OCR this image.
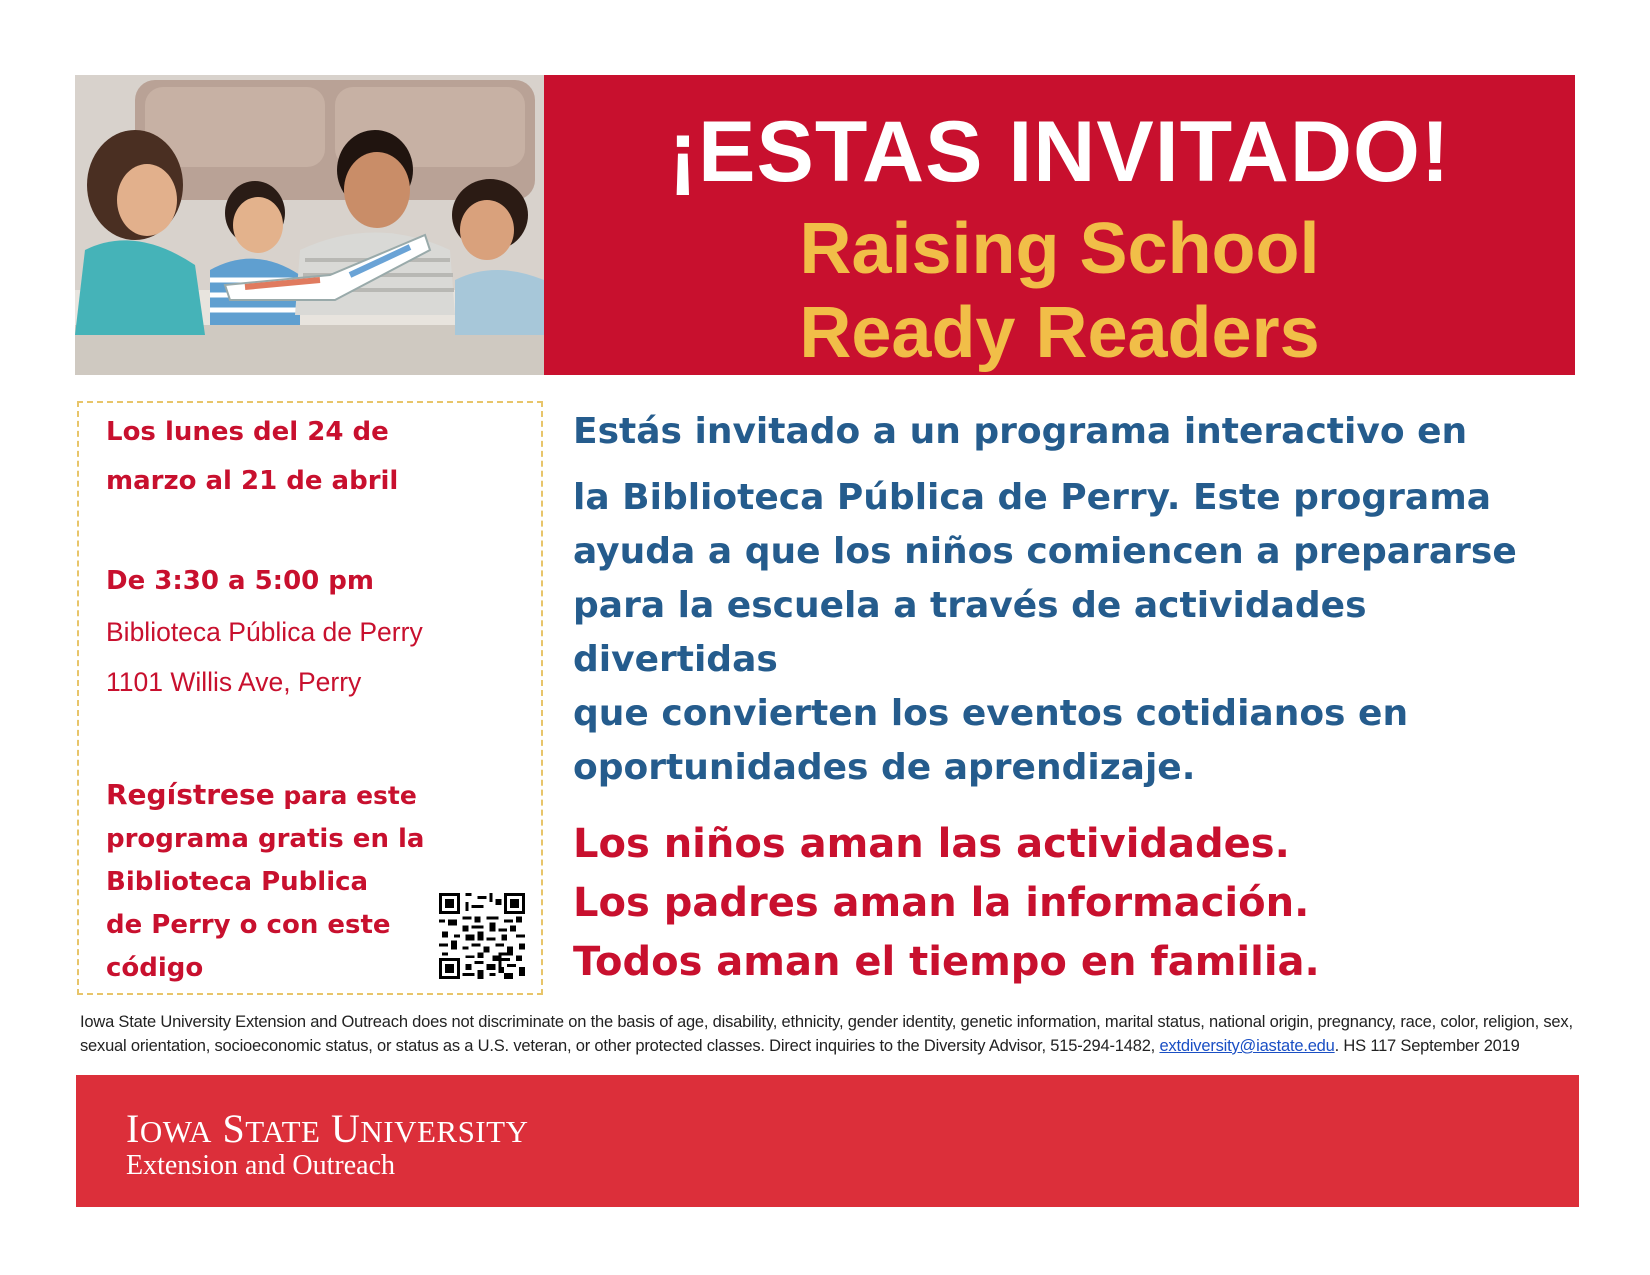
¡ESTAS INVITADO!
Raising School
Ready Readers
Los lunes del 24 de
marzo al 21 de abril
De 3:30 a 5:00 pm
Biblioteca Pública de Perry
1101 Willis Ave, Perry
Regístrese para este
programa gratis en la
Biblioteca Publica
de Perry o con este
código
Estás invitado a un programa interactivo en
la Biblioteca Pública de Perry. Este programa
ayuda a que los niños comiencen a prepararse
para la escuela a través de actividades divertidas
que convierten los eventos cotidianos en
oportunidades de aprendizaje.
Los niños aman las actividades.
Los padres aman la información.
Todos aman el tiempo en familia.
Iowa State University Extension and Outreach does not discriminate on the basis of age, disability, ethnicity, gender identity, genetic information, marital status, national origin, pregnancy, race, color, religion, sex, sexual orientation, socioeconomic status, or status as a U.S. veteran, or other protected classes. Direct inquiries to the Diversity Advisor, 515-294-1482, extdiversity@iastate.edu. HS 117 September 2019
IOWA STATE UNIVERSITY
Extension and Outreach
